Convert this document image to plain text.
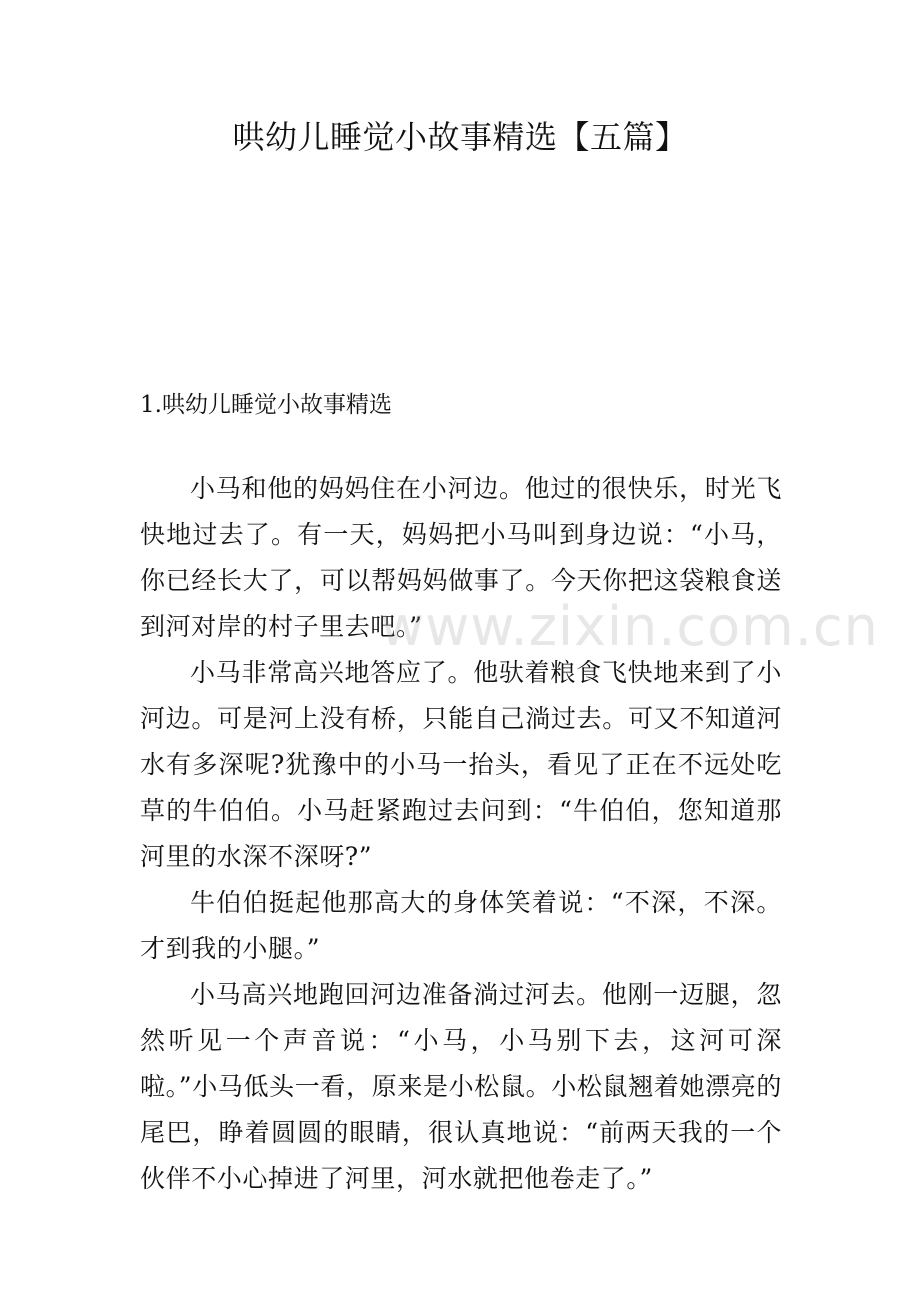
哄幼儿睡觉小故事精选【五篇】
1.哄幼儿睡觉小故事精选

小马和他的妈妈住在小河边。他过的很快乐，时光飞快地过去了。有一天，妈妈把小马叫到身边说：“小马，你已经长大了，可以帮妈妈做事了。今天你把这袋粮食送到河对岸的村子里去吧。”

小马非常高兴地答应了。他驮着粮食飞快地来到了小河边。可是河上没有桥，只能自己淌过去。可又不知道河水有多深呢?犹豫中的小马一抬头，看见了正在不远处吃草的牛伯伯。小马赶紧跑过去问到：“牛伯伯，您知道那河里的水深不深呀?”

牛伯伯挺起他那高大的身体笑着说：“不深，不深。才到我的小腿。”

小马高兴地跑回河边准备淌过河去。他刚一迈腿，忽然听见一个声音说：“小马，小马别下去，这河可深啦。”小马低头一看，原来是小松鼠。小松鼠翘着她漂亮的尾巴，睁着圆圆的眼睛，很认真地说：“前两天我的一个伙伴不小心掉进了河里，河水就把他卷走了。”

www.zixin.com.cn
